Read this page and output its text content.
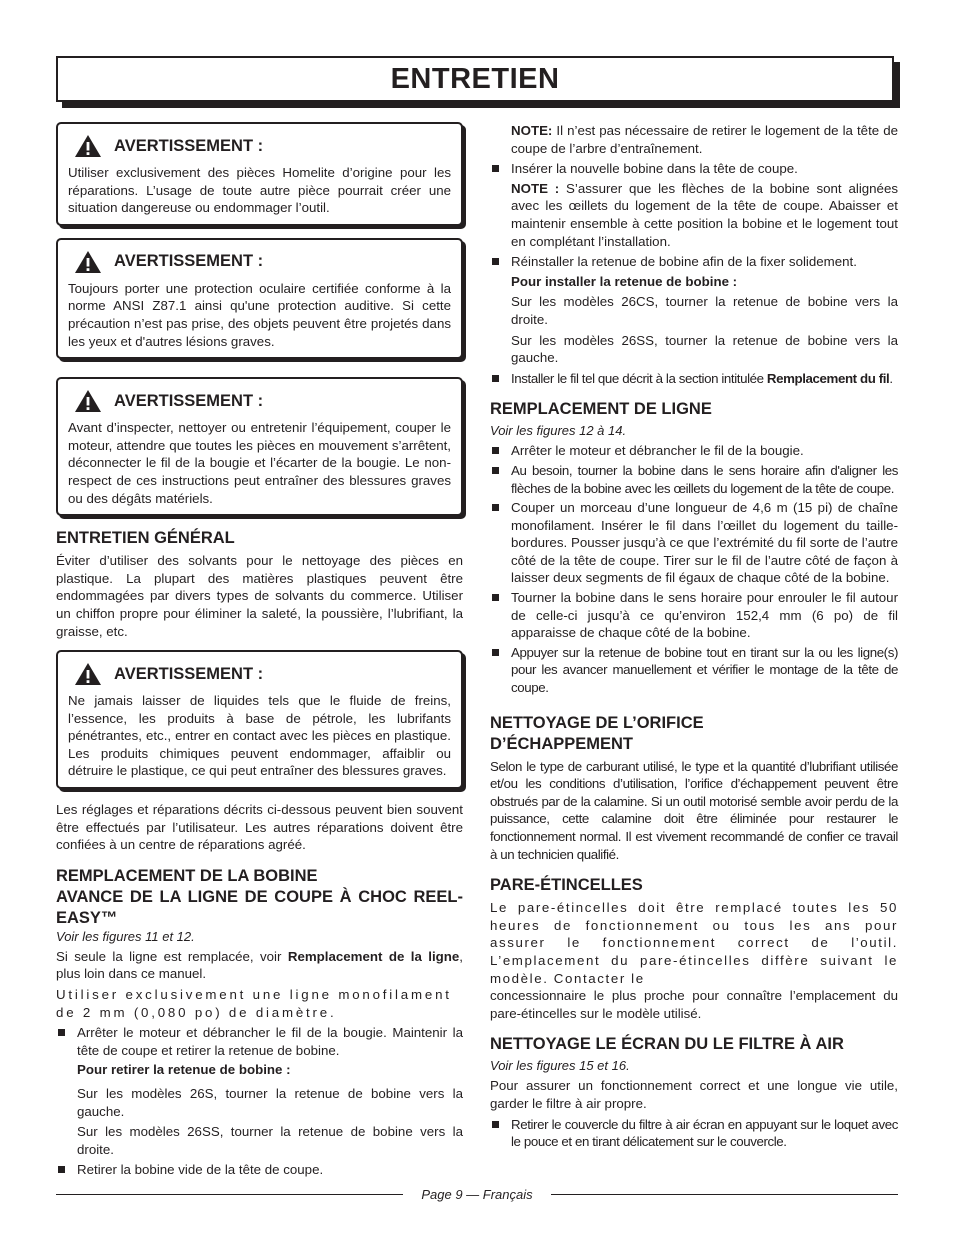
ENTRETIEN
AVERTISSEMENT :

Utiliser exclusivement des pièces Homelite d’origine pour les réparations. L’usage de toute autre pièce pourrait créer une situation dangereuse ou endommager l’outil.

AVERTISSEMENT :

Toujours porter une protection oculaire certifiée conforme à la norme ANSI Z87.1 ainsi qu'une protection auditive. Si cette précaution n’est pas prise, des objets peuvent être projetés dans les yeux et d'autres lésions graves.

AVERTISSEMENT :

Avant d’inspecter, nettoyer ou entretenir l’équipement, couper le moteur, attendre que toutes les pièces en mouvement s’arrêtent, déconnecter le fil de la bougie et l’écarter de la bougie. Le non-respect de ces instructions peut entraîner des blessures graves ou des dégâts matériels.

ENTRETIEN GÉNÉRAL

Éviter d’utiliser des solvants pour le nettoyage des pièces en plastique. La plupart des matières plastiques peuvent être endommagées par divers types de solvants du commerce. Utiliser un chiffon propre pour éliminer la saleté, la poussière, l’lubrifiant, la graisse, etc.

AVERTISSEMENT :

Ne jamais laisser de liquides tels que le fluide de freins, l’essence, les produits à base de pétrole, les lubrifants pénétrantes, etc., entrer en contact avec les pièces en plastique. Les produits chimiques peuvent endommager, affaiblir ou détruire le plastique, ce qui peut entraîner des blessures graves.

Les réglages et réparations décrits ci-dessous peuvent bien souvent être effectués par l’utilisateur. Les autres réparations doivent être confiées à un centre de réparations agréé.

REMPLACEMENT DE LA BOBINE

AVANCE DE LA LIGNE DE COUPE À CHOC REEL-EASY™

Voir les figures 11 et 12.

Si seule la ligne est remplacée, voir Remplacement de la ligne, plus loin dans ce manuel.

Utiliser exclusivement une ligne monofilament de 2 mm (0,080 po) de diamètre.

Arrêter le moteur et débrancher le fil de la bougie. Maintenir la tête de coupe et retirer la retenue de bobine.

Pour retirer la retenue de bobine :

Sur les modèles 26S, tourner la retenue de bobine vers la gauche.

Sur les modèles 26SS, tourner la retenue de bobine vers la droite.

Retirer la bobine vide de la tête de coupe.

NOTE: Il n’est pas nécessaire de retirer le logement de la tête de coupe de l’arbre d’entraînement.

Insérer la nouvelle bobine dans la tête de coupe.

NOTE : S’assurer que les flèches de la bobine sont alignées avec les œillets du logement de la tête de coupe. Abaisser et maintenir ensemble à cette position la bobine et le logement tout en complétant l’installation.

Réinstaller la retenue de bobine afin de la fixer solidement.

Pour installer la retenue de bobine :

Sur les modèles 26CS, tourner la retenue de bobine vers la droite.

Sur les modèles 26SS, tourner la retenue de bobine vers la gauche.

Installer le fil tel que décrit à la section intitulée Remplacement du fil.
REMPLACEMENT DE LIGNE

Voir les figures 12 à 14.

Arrêter le moteur et débrancher le fil de la bougie.
Au besoin, tourner la bobine dans le sens horaire afin d'aligner les flèches de la bobine avec les œillets du logement de la tête de coupe.
Couper un morceau d’une longueur de 4,6 m (15 pi) de chaîne monofilament. Insérer le fil dans l’œillet du logement du taille-bordures. Pousser jusqu’à ce que l’extrémité du fil sorte de l’autre côté de la tête de coupe. Tirer sur le fil de l’autre côté de façon à laisser deux segments de fil égaux de chaque côté de la bobine.
Tourner la bobine dans le sens horaire pour enrouler le fil autour de celle-ci jusqu’à ce qu’environ 152,4 mm (6 po) de fil apparaisse de chaque côté de la bobine.
Appuyer sur la retenue de bobine tout en tirant sur la ou les ligne(s) pour les avancer manuellement et vérifier le montage de la tête de coupe.
NETTOYAGE DE L’ORIFICE
D’ÉCHAPPEMENT

Selon le type de carburant utilisé, le type et la quantité d’lubrifiant utilisée et/ou les conditions d’utilisation, l’orifice d’échappement peuvent être obstrués par de la calamine. Si un outil motorisé semble avoir perdu de la puissance, cette calamine doit être éliminée pour restaurer le fonctionnement normal. Il est vivement recommandé de confier ce travail à un technicien qualifié.

PARE-ÉTINCELLES

Le pare-étincelles doit être remplacé toutes les 50 heures de fonctionnement ou tous les ans pour assurer le fonctionnement correct de l’outil. L’emplacement du pare-étincelles diffère suivant le modèle. Contacter le

concessionnaire le plus proche pour connaître l’emplacement du pare-étincelles sur le modèle utilisé.

NETTOYAGE LE ÉCRAN DU LE FILTRE À AIR

Voir les figures 15 et 16.

Pour assurer un fonctionnement correct et une longue vie utile, garder le filtre à air propre.

Retirer le couvercle du filtre à air écran en appuyant sur le loquet avec le pouce et en tirant délicatement sur le couvercle.
Page 9 — Français
